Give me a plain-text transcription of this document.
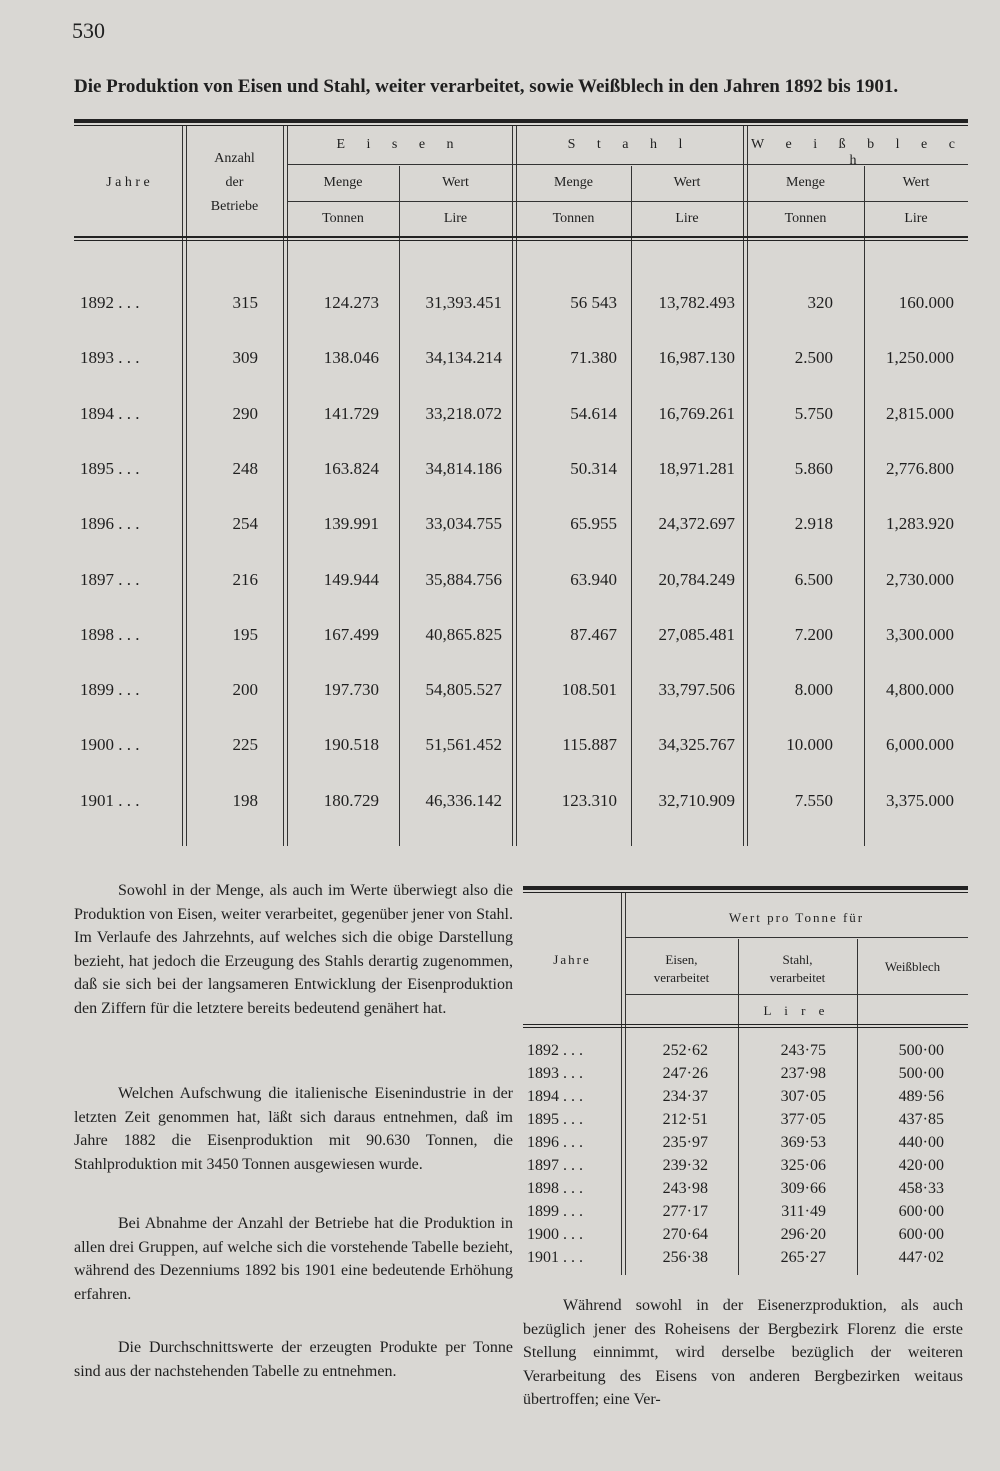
530
Die Produktion von Eisen und Stahl, weiter verarbeitet, sowie Weißblech in den Jahren 1892 bis 1901.
J a h r e
Anzahl
der
Betriebe
E i s e n	S t a h l	W e i ß b l e c h
Menge	Wert	Menge	Wert	Menge	Wert
Tonnen	Lire	Tonnen	Lire	Tonnen	Lire
1892 . . .	315	124.273	31,393.451	56 543	13,782.493	320	160.000
1893 . . .	309	138.046	34,134.214	71.380	16,987.130	2.500	1,250.000
1894 . . .	290	141.729	33,218.072	54.614	16,769.261	5.750	2,815.000
1895 . . .	248	163.824	34,814.186	50.314	18,971.281	5.860	2,776.800
1896 . . .	254	139.991	33,034.755	65.955	24,372.697	2.918	1,283.920
1897 . . .	216	149.944	35,884.756	63.940	20,784.249	6.500	2,730.000
1898 . . .	195	167.499	40,865.825	87.467	27,085.481	7.200	3,300.000
1899 . . .	200	197.730	54,805.527	108.501	33,797.506	8.000	4,800.000
1900 . . .	225	190.518	51,561.452	115.887	34,325.767	10.000	6,000.000
1901 . . .	198	180.729	46,336.142	123.310	32,710.909	7.550	3,375.000
Sowohl in der Menge, als auch im Werte überwiegt also die Produktion von Eisen, weiter verarbeitet, gegenüber jener von Stahl. Im Verlaufe des Jahrzehnts, auf welches sich die obige Darstellung bezieht, hat jedoch die Erzeugung des Stahls derartig zugenommen, daß sie sich bei der langsameren Entwicklung der Eisenproduktion den Ziffern für die letztere bereits bedeutend genähert hat.
Welchen Aufschwung die italienische Eisenindustrie in der letzten Zeit genommen hat, läßt sich daraus entnehmen, daß im Jahre 1882 die Eisenproduktion mit 90.630 Tonnen, die Stahlproduktion mit 3450 Tonnen ausgewiesen wurde.
Bei Abnahme der Anzahl der Betriebe hat die Produktion in allen drei Gruppen, auf welche sich die vorstehende Tabelle bezieht, während des Dezenniums 1892 bis 1901 eine bedeutende Erhöhung erfahren.
Die Durchschnittswerte der erzeugten Produkte per Tonne sind aus der nachstehenden Tabelle zu entnehmen.
Jahre
Wert pro Tonne für
Eisen,
verarbeitet
Stahl,
verarbeitet
Weißblech
L i r e
1892 . . .	252·62	243·75	500·00
1893 . . .	247·26	237·98	500·00
1894 . . .	234·37	307·05	489·56
1895 . . .	212·51	377·05	437·85
1896 . . .	235·97	369·53	440·00
1897 . . .	239·32	325·06	420·00
1898 . . .	243·98	309·66	458·33
1899 . . .	277·17	311·49	600·00
1900 . . .	270·64	296·20	600·00
1901 . . .	256·38	265·27	447·02
Während sowohl in der Eisenerzproduktion, als auch bezüglich jener des Roheisens der Bergbezirk Florenz die erste Stellung einnimmt, wird derselbe bezüglich der weiteren Verarbeitung des Eisens von anderen Bergbezirken weitaus übertroffen; eine Ver-
